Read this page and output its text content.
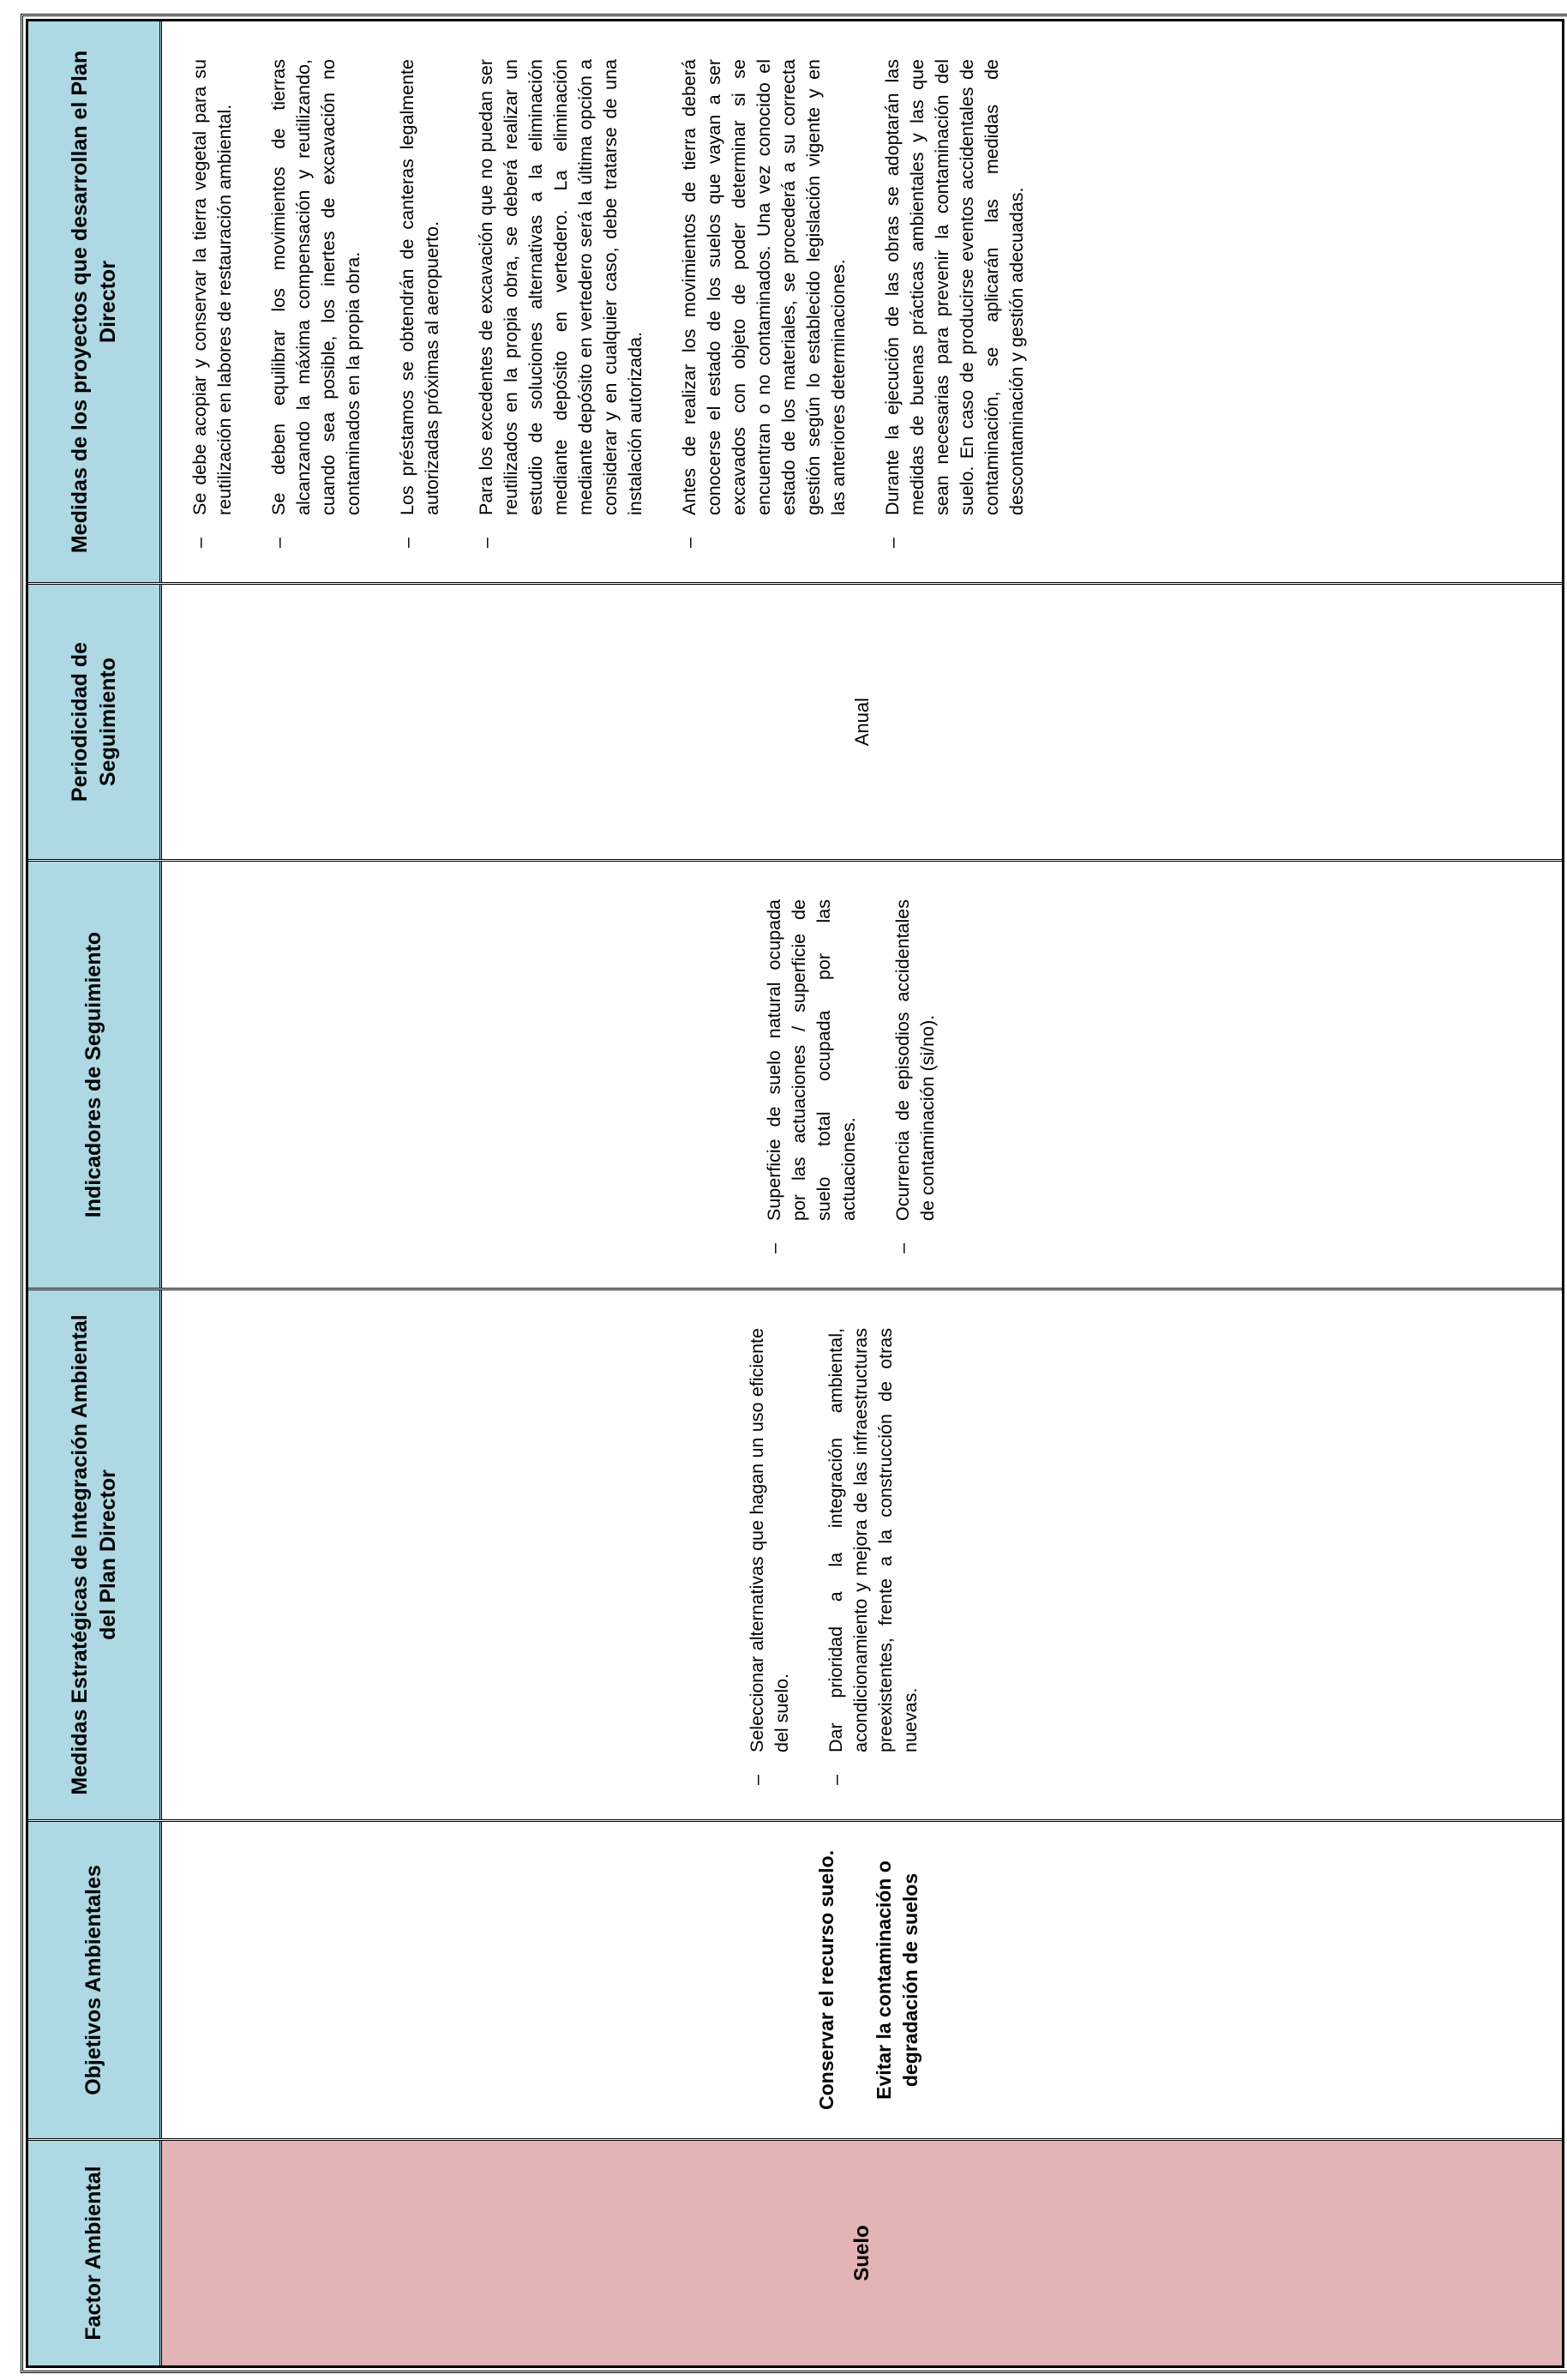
Factor Ambiental	Suelo
Objetivos Ambientales	Conservar el recurso suelo. Evitar la contaminación o degradación de suelos

Medidas Estratégicas de Integración Ambiental del Plan Director	– Seleccionar alternativas que hagan un uso eficiente del suelo. – Dar prioridad a la integración ambiental, acondicionamiento y mejora de las infraestructuras preexistentes, frente a la construcción de otras nuevas.
Indicadores de Seguimiento	– Superficie de suelo natural ocupada por las actuaciones / superficie de suelo total ocupada por las actuaciones. – Ocurrencia de episodios accidentales de contaminación (si/no).
Periodicidad de Seguimiento	Anual
Medidas de los proyectos que desarrollan el Plan Director	– Se debe acopiar y conservar la tierra vegetal para su reutilización en labores de restauración ambiental. – Se deben equilibrar los movimientos de tierras alcanzando la máxima compensación y reutilizando, cuando sea posible, los inertes de excavación no contaminados en la propia obra. – Los préstamos se obtendrán de canteras legalmente autorizadas próximas al aeropuerto. – Para los excedentes de excavación que no puedan ser reutilizados en la propia obra, se deberá realizar un estudio de soluciones alternativas a la eliminación mediante depósito en vertedero. La eliminación mediante depósito en vertedero será la última opción a considerar y en cualquier caso, debe tratarse de una instalación autorizada. – Antes de realizar los movimientos de tierra deberá conocerse el estado de los suelos que vayan a ser excavados con objeto de poder determinar si se encuentran o no contaminados. Una vez conocido el estado de los materiales, se procederá a su correcta gestión según lo establecido legislación vigente y en las anteriores determinaciones. – Durante la ejecución de las obras se adoptarán las medidas de buenas prácticas ambientales y las que sean necesarias para prevenir la contaminación del suelo. En caso de producirse eventos accidentales de contaminación, se aplicarán las medidas de descontaminación y gestión adecuadas.
